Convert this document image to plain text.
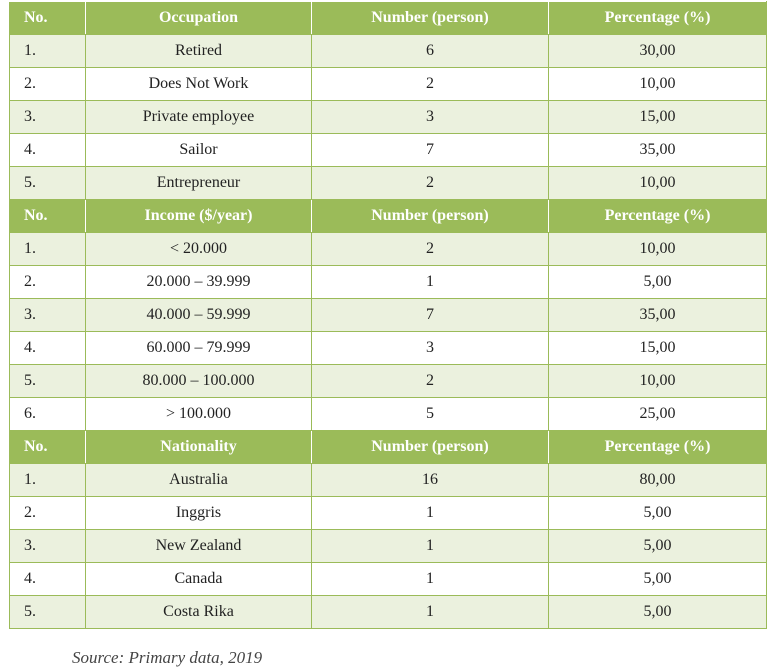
No.	Occupation	Number (person)	Percentage (%)
1.	Retired	6	30,00
2.	Does Not Work	2	10,00
3.	Private employee	3	15,00
4.	Sailor	7	35,00
5.	Entrepreneur	2	10,00
No.	Income ($/year)	Number (person)	Percentage (%)
1.	< 20.000	2	10,00
2.	20.000 – 39.999	1	5,00
3.	40.000 – 59.999	7	35,00
4.	60.000 – 79.999	3	15,00
5.	80.000 – 100.000	2	10,00
6.	> 100.000	5	25,00
No.	Nationality	Number (person)	Percentage (%)
1.	Australia	16	80,00
2.	Inggris	1	5,00
3.	New Zealand	1	5,00
4.	Canada	1	5,00
5.	Costa Rika	1	5,00
Source: Primary data, 2019
